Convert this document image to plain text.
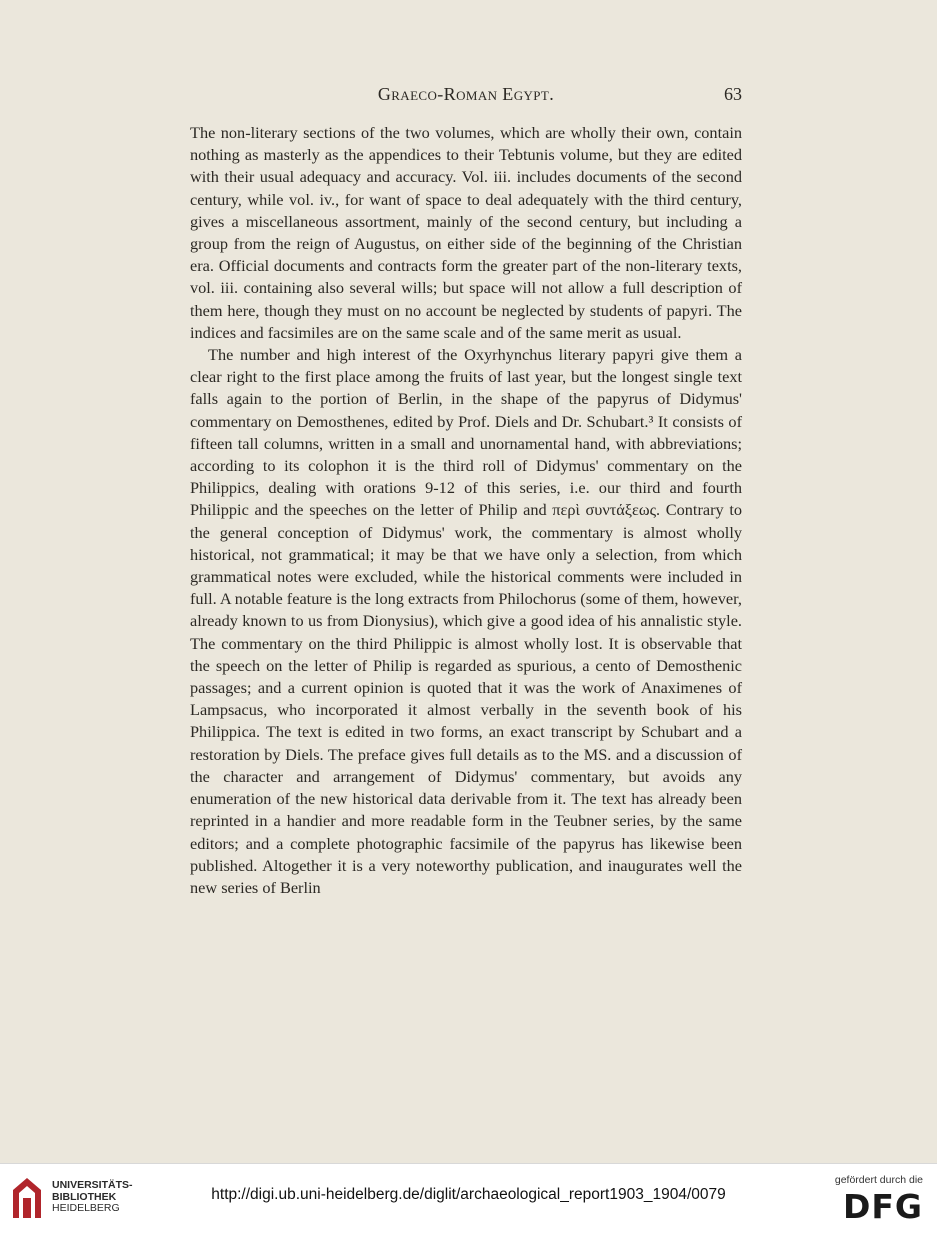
Graeco-Roman Egypt.	63

The non-literary sections of the two volumes, which are wholly their own, contain nothing as masterly as the appendices to their Tebtunis volume, but they are edited with their usual adequacy and accuracy. Vol. iii. includes documents of the second century, while vol. iv., for want of space to deal adequately with the third century, gives a miscellaneous assortment, mainly of the second century, but including a group from the reign of Augustus, on either side of the beginning of the Christian era. Official documents and contracts form the greater part of the non-literary texts, vol. iii. containing also several wills; but space will not allow a full description of them here, though they must on no account be neglected by students of papyri. The indices and facsimiles are on the same scale and of the same merit as usual.

The number and high interest of the Oxyrhynchus literary papyri give them a clear right to the first place among the fruits of last year, but the longest single text falls again to the portion of Berlin, in the shape of the papyrus of Didymus' commentary on Demosthenes, edited by Prof. Diels and Dr. Schubart.³ It consists of fifteen tall columns, written in a small and unornamental hand, with abbreviations; according to its colophon it is the third roll of Didymus' commentary on the Philippics, dealing with orations 9-12 of this series, i.e. our third and fourth Philippic and the speeches on the letter of Philip and περὶ συντάξεως. Contrary to the general conception of Didymus' work, the commentary is almost wholly historical, not grammatical; it may be that we have only a selection, from which grammatical notes were excluded, while the historical comments were included in full. A notable feature is the long extracts from Philochorus (some of them, however, already known to us from Dionysius), which give a good idea of his annalistic style. The commentary on the third Philippic is almost wholly lost. It is observable that the speech on the letter of Philip is regarded as spurious, a cento of Demosthenic passages; and a current opinion is quoted that it was the work of Anaximenes of Lampsacus, who incorporated it almost verbally in the seventh book of his Philippica. The text is edited in two forms, an exact transcript by Schubart and a restoration by Diels. The preface gives full details as to the MS. and a discussion of the character and arrangement of Didymus' commentary, but avoids any enumeration of the new historical data derivable from it. The text has already been reprinted in a handier and more readable form in the Teubner series, by the same editors; and a complete photographic facsimile of the papyrus has likewise been published. Altogether it is a very noteworthy publication, and inaugurates well the new series of Berlin

UNIVERSITÄTS-
BIBLIOTHEK
HEIDELBERG
http://digi.ub.uni-heidelberg.de/diglit/archaeological_report1903_1904/0079
gefördert durch die
DFG
